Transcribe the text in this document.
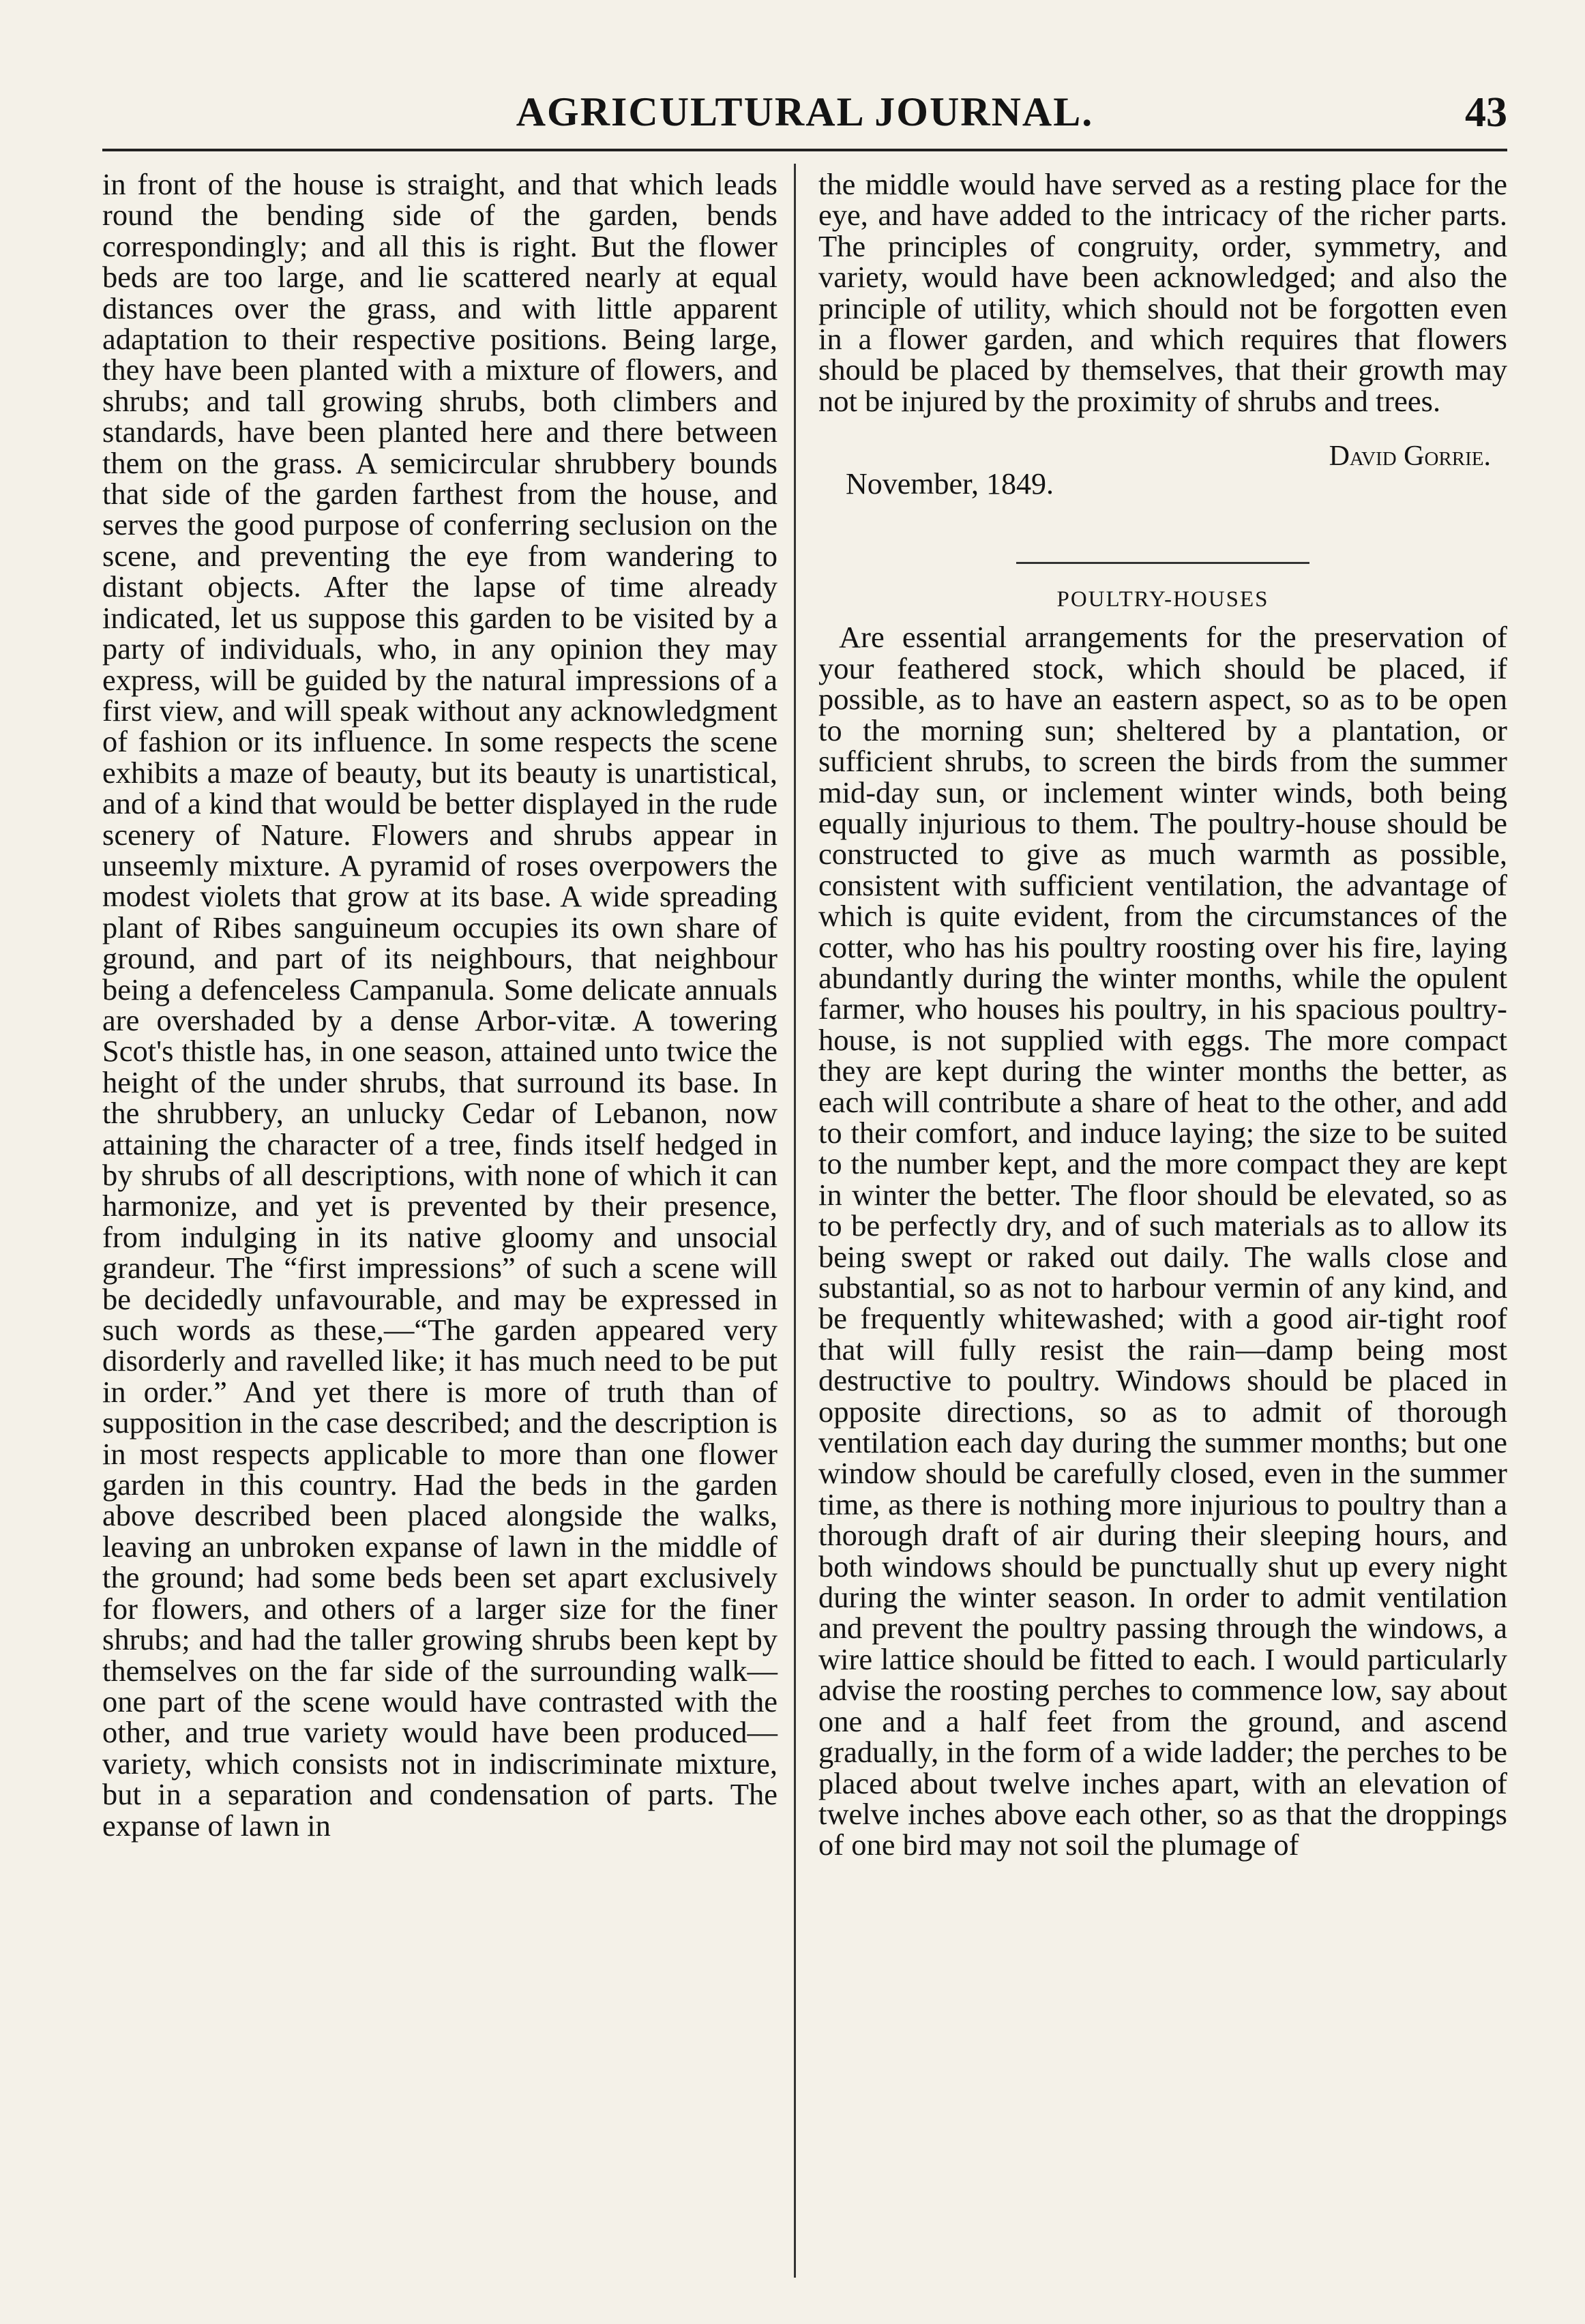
AGRICULTURAL JOURNAL.	43

in front of the house is straight, and that which leads round the bending side of the garden, bends correspondingly; and all this is right. But the flower beds are too large, and lie scattered nearly at equal distances over the grass, and with little apparent adaptation to their respective positions. Being large, they have been planted with a mixture of flowers, and shrubs; and tall growing shrubs, both climbers and standards, have been planted here and there between them on the grass. A semicircular shrubbery bounds that side of the garden farthest from the house, and serves the good purpose of conferring seclusion on the scene, and preventing the eye from wandering to distant objects. After the lapse of time already indicated, let us suppose this garden to be visited by a party of individuals, who, in any opinion they may express, will be guided by the natural impressions of a first view, and will speak without any acknowledgment of fashion or its influence. In some respects the scene exhibits a maze of beauty, but its beauty is unartistical, and of a kind that would be better displayed in the rude scenery of Nature. Flowers and shrubs appear in unseemly mixture. A pyramid of roses overpowers the modest violets that grow at its base. A wide spreading plant of Ribes sanguineum occupies its own share of ground, and part of its neighbours, that neighbour being a defenceless Campanula. Some delicate annuals are overshaded by a dense Arbor-vitæ. A towering Scot's thistle has, in one season, attained unto twice the height of the under shrubs, that surround its base. In the shrubbery, an unlucky Cedar of Lebanon, now attaining the character of a tree, finds itself hedged in by shrubs of all descriptions, with none of which it can harmonize, and yet is prevented by their presence, from indulging in its native gloomy and unsocial grandeur. The “first impressions” of such a scene will be decidedly unfavourable, and may be expressed in such words as these,—“The garden appeared very disorderly and ravelled like; it has much need to be put in order.” And yet there is more of truth than of supposition in the case described; and the description is in most respects applicable to more than one flower garden in this country. Had the beds in the garden above described been placed alongside the walks, leaving an unbroken expanse of lawn in the middle of the ground; had some beds been set apart exclusively for flowers, and others of a larger size for the finer shrubs; and had the taller growing shrubs been kept by themselves on the far side of the surrounding walk—one part of the scene would have contrasted with the other, and true variety would have been produced—variety, which consists not in indiscriminate mixture, but in a separation and condensation of parts. The expanse of lawn in

the middle would have served as a resting place for the eye, and have added to the intricacy of the richer parts. The principles of congruity, order, symmetry, and variety, would have been acknowledged; and also the principle of utility, which should not be forgotten even in a flower garden, and which requires that flowers should be placed by themselves, that their growth may not be injured by the proximity of shrubs and trees.

David Gorrie.
November, 1849.
POULTRY-HOUSES

Are essential arrangements for the preservation of your feathered stock, which should be placed, if possible, as to have an eastern aspect, so as to be open to the morning sun; sheltered by a plantation, or sufficient shrubs, to screen the birds from the summer mid-day sun, or inclement winter winds, both being equally injurious to them. The poultry-house should be constructed to give as much warmth as possible, consistent with sufficient ventilation, the advantage of which is quite evident, from the circumstances of the cotter, who has his poultry roosting over his fire, laying abundantly during the winter months, while the opulent farmer, who houses his poultry, in his spacious poultry-house, is not supplied with eggs. The more compact they are kept during the winter months the better, as each will contribute a share of heat to the other, and add to their comfort, and induce laying; the size to be suited to the number kept, and the more compact they are kept in winter the better. The floor should be elevated, so as to be perfectly dry, and of such materials as to allow its being swept or raked out daily. The walls close and substantial, so as not to harbour vermin of any kind, and be frequently whitewashed; with a good air-tight roof that will fully resist the rain—damp being most destructive to poultry. Windows should be placed in opposite directions, so as to admit of thorough ventilation each day during the summer months; but one window should be carefully closed, even in the summer time, as there is nothing more injurious to poultry than a thorough draft of air during their sleeping hours, and both windows should be punctually shut up every night during the winter season. In order to admit ventilation and prevent the poultry passing through the windows, a wire lattice should be fitted to each. I would particularly advise the roosting perches to commence low, say about one and a half feet from the ground, and ascend gradually, in the form of a wide ladder; the perches to be placed about twelve inches apart, with an elevation of twelve inches above each other, so as that the droppings of one bird may not soil the plumage of
